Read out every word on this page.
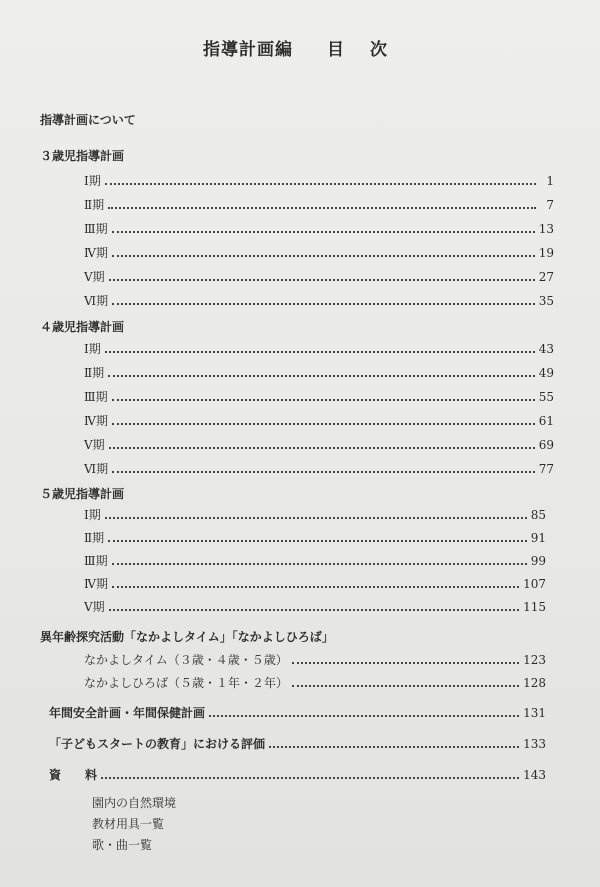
指導計画編 目 次
指導計画について
３歳児指導計画
Ⅰ期	1
Ⅱ期	7
Ⅲ期	13
Ⅳ期	19
Ⅴ期	27
Ⅵ期	35
４歳児指導計画
Ⅰ期	43
Ⅱ期	49
Ⅲ期	55
Ⅳ期	61
Ⅴ期	69
Ⅵ期	77
５歳児指導計画
Ⅰ期	85
Ⅱ期	91
Ⅲ期	99
Ⅳ期	107
Ⅴ期	115
異年齢探究活動「なかよしタイム」「なかよしひろば」
なかよしタイム（３歳・４歳・５歳）	123
なかよしひろば（５歳・１年・２年）	128
年間安全計画・年間保健計画	131
「子どもスタートの教育」における評価	133
資　　料	143
園内の自然環境
教材用具一覧
歌・曲一覧
